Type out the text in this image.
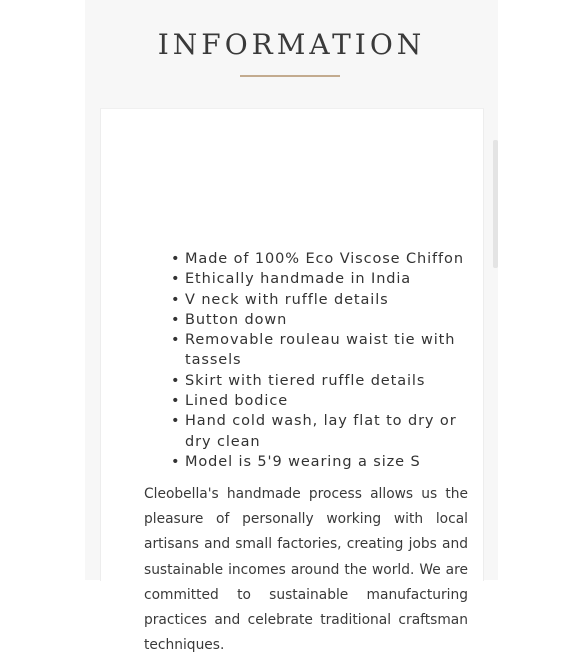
INFORMATION
• Made of 100% Eco Viscose Chiffon
• Ethically handmade in India
• V neck with ruffle details
• Button down
• Removable rouleau waist tie with tassels
• Skirt with tiered ruffle details
• Lined bodice
• Hand cold wash, lay flat to dry or dry clean
• Model is 5'9 wearing a size S

Cleobella's handmade process allows us the pleasure of personally working with local artisans and small factories, creating jobs and sustainable incomes around the world. We are committed to sustainable manufacturing practices and celebrate traditional craftsman techniques.
